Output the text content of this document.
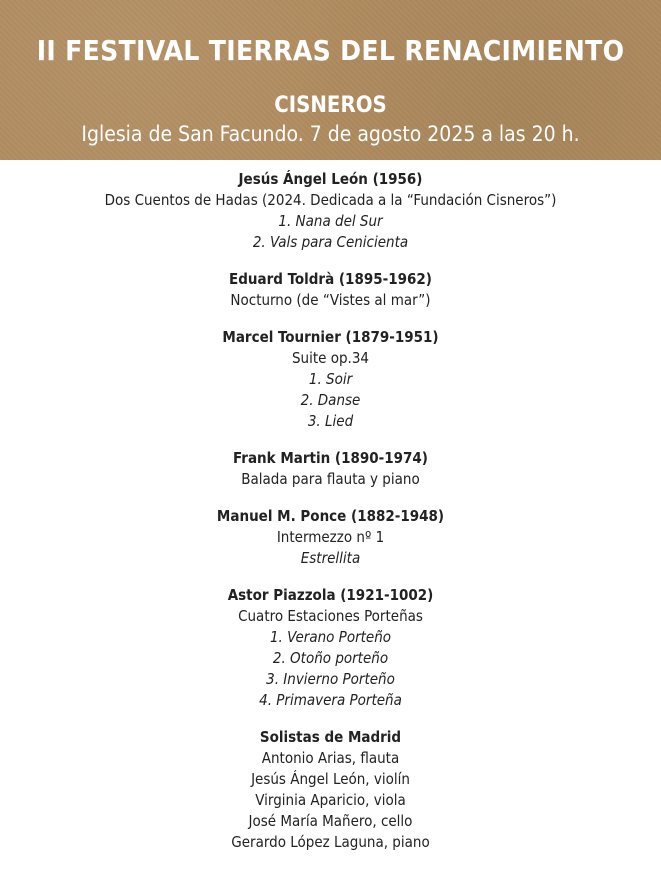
II FESTIVAL TIERRAS DEL RENACIMIENTO
CISNEROS
Iglesia de San Facundo. 7 de agosto 2025 a las 20 h.
Jesús Ángel León (1956)
Dos Cuentos de Hadas (2024. Dedicada a la “Fundación Cisneros”)
1. Nana del Sur
2. Vals para Cenicienta
Eduard Toldrà (1895-1962)
Nocturno (de “Vistes al mar”)
Marcel Tournier (1879-1951)
Suite op.34
1. Soir
2. Danse
3. Lied
Frank Martin (1890-1974)
Balada para flauta y piano
Manuel M. Ponce (1882-1948)
Intermezzo nº 1
Estrellita
Astor Piazzola (1921-1002)
Cuatro Estaciones Porteñas
1. Verano Porteño
2. Otoño porteño
3. Invierno Porteño
4. Primavera Porteña
Solistas de Madrid
Antonio Arias, flauta
Jesús Ángel León, violín
Virginia Aparicio, viola
José María Mañero, cello
Gerardo López Laguna, piano
